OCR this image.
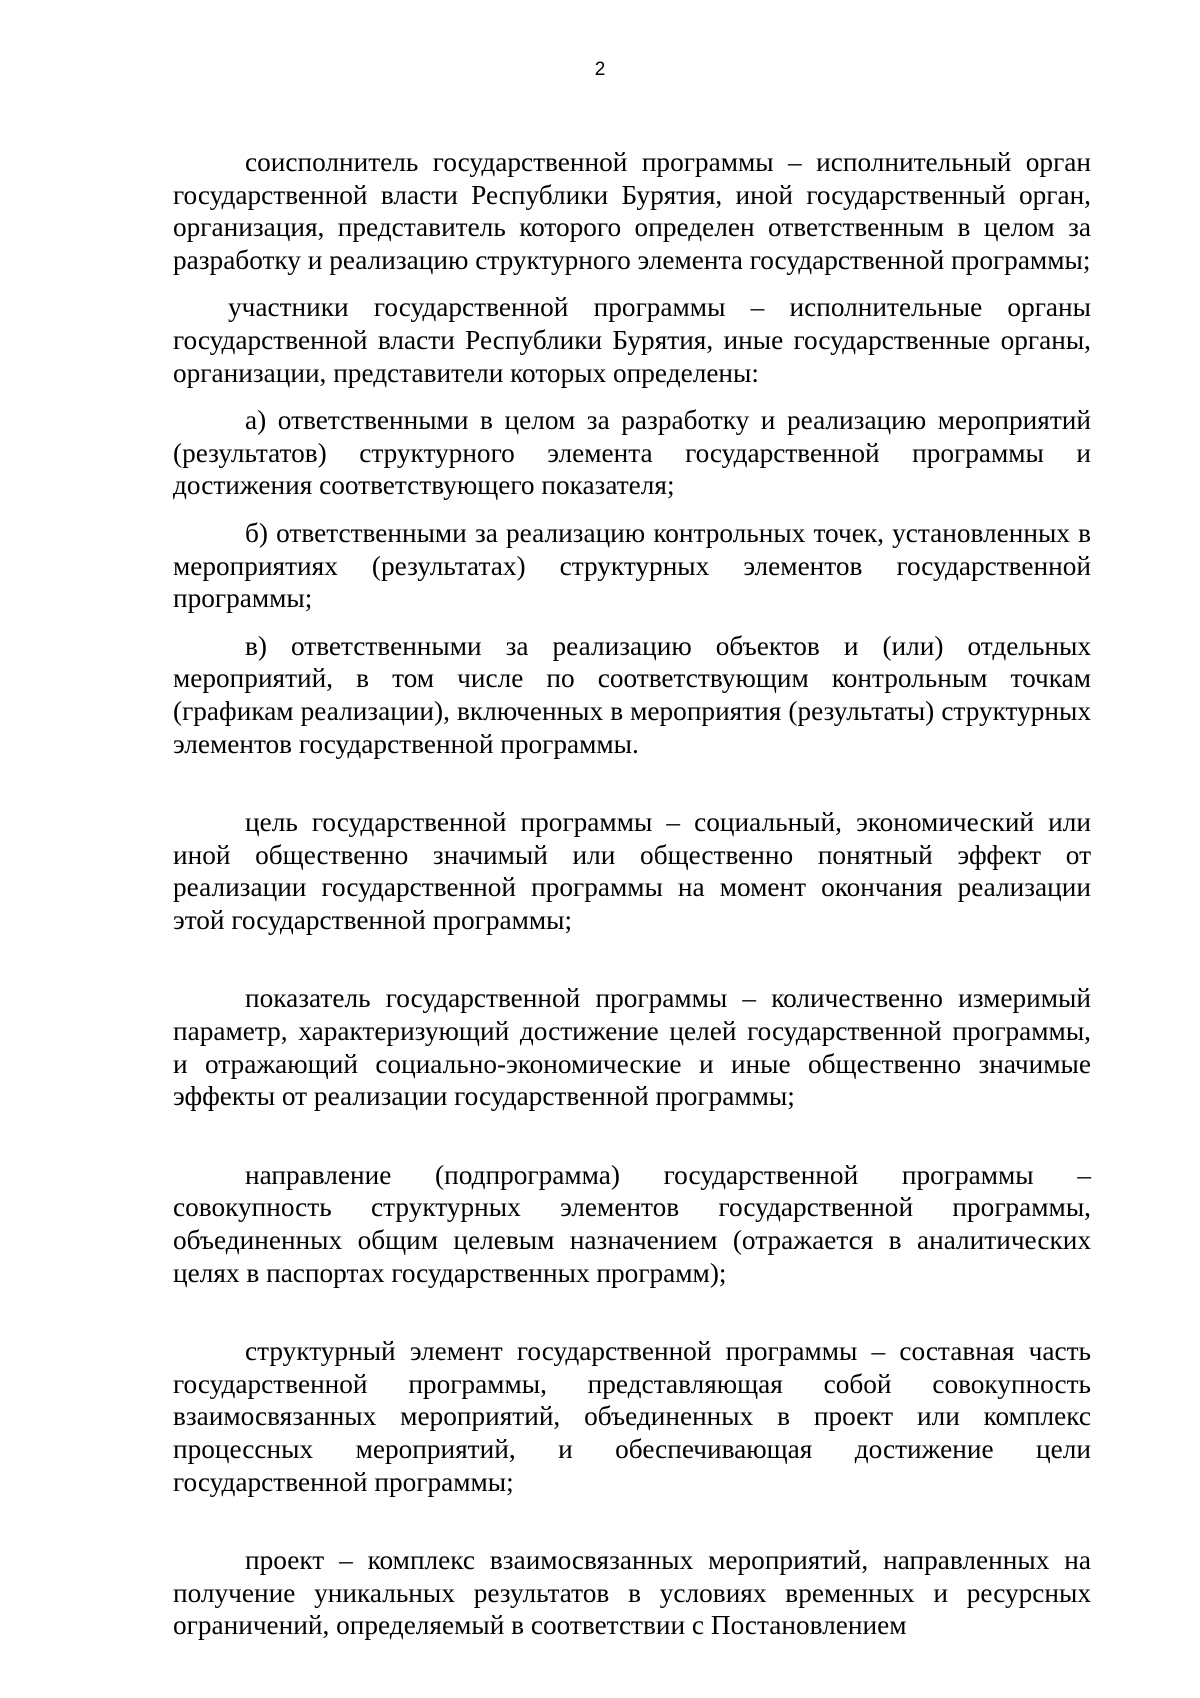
2

соисполнитель государственной программы – исполнительный орган государственной власти Республики Бурятия, иной государственный орган, организация, представитель которого определен ответственным в целом за разработку и реализацию структурного элемента государственной программы;

участники государственной программы – исполнительные органы государственной власти Республики Бурятия, иные государственные органы, организации, представители которых определены:

а) ответственными в целом за разработку и реализацию мероприятий (результатов) структурного элемента государственной программы и достижения соответствующего показателя;

б) ответственными за реализацию контрольных точек, установленных в мероприятиях (результатах) структурных элементов государственной программы;

в) ответственными за реализацию объектов и (или) отдельных мероприятий, в том числе по соответствующим контрольным точкам (графикам реализации), включенных в мероприятия (результаты) структурных элементов государственной программы.

цель государственной программы – социальный, экономический или иной общественно значимый или общественно понятный эффект от реализации государственной программы на момент окончания реализации этой государственной программы;

показатель государственной программы – количественно измеримый параметр, характеризующий достижение целей государственной программы, и отражающий социально-экономические и иные общественно значимые эффекты от реализации государственной программы;

направление (подпрограмма) государственной программы – совокупность структурных элементов государственной программы, объединенных общим целевым назначением (отражается в аналитических целях в паспортах государственных программ);

структурный элемент государственной программы – составная часть государственной программы, представляющая собой совокупность взаимосвязанных мероприятий, объединенных в проект или комплекс процессных мероприятий, и обеспечивающая достижение цели государственной программы;

проект – комплекс взаимосвязанных мероприятий, направленных на получение уникальных результатов в условиях временных и ресурсных ограничений, определяемый в соответствии с Постановлением
